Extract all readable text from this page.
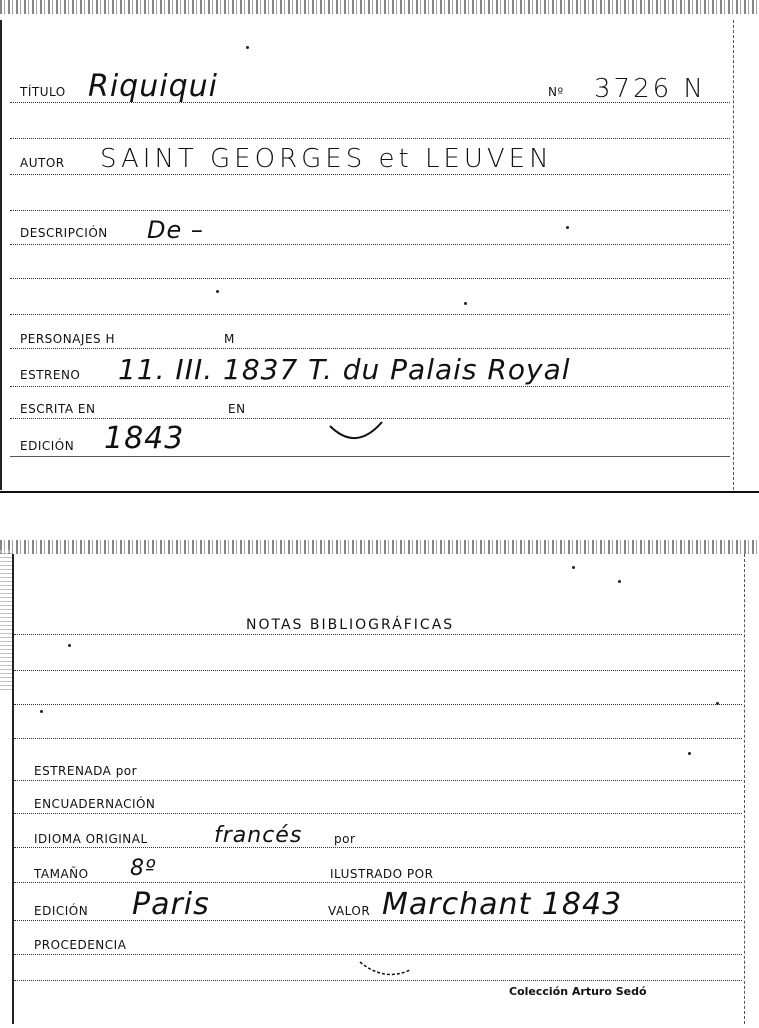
TÍTULO Riquiqui	Nº 3726 N
AUTOR SAINT GEORGES et LEUVEN
DESCRIPCIÓN De –
PERSONAJES H	M
ESTRENO 11. III. 1837 T. du Palais Royal
ESCRITA EN	EN
EDICIÓN 1843
NOTAS BIBLIOGRÁFICAS
ESTRENADA por
ENCUADERNACIÓN
IDIOMA ORIGINAL	francés	por
TAMAÑO 8º	ILUSTRADO POR
EDICIÓN Paris	VALOR Marchant 1843
PROCEDENCIA
Colección Arturo Sedó
